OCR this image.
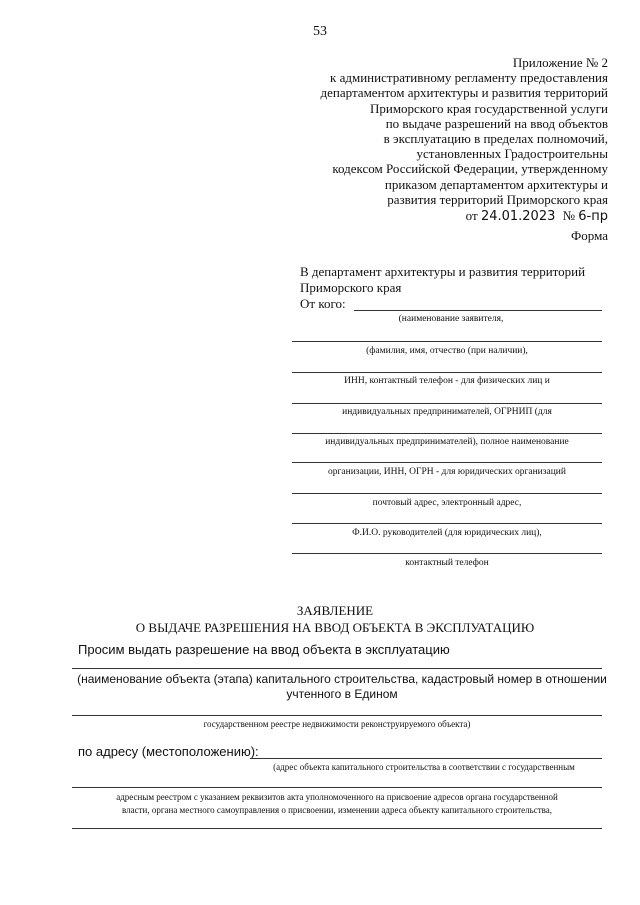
53
Приложение № 2
к административному регламенту предоставления
департаментом архитектуры и развития территорий
Приморского края государственной услуги
по выдаче разрешений на ввод объектов
в эксплуатацию в пределах полномочий,
установленных Градостроительны
кодексом Российской Федерации, утвержденному
приказом департаментом архитектуры и
развития территорий Приморского края
от 24.01.2023 № 6-пр
Форма
В департамент архитектуры и развития территорий
Приморского края
От кого:
(наименование заявителя,
(фамилия, имя, отчество (при наличии),
ИНН, контактный телефон - для физических лиц и
индивидуальных предпринимателей, ОГРНИП (для
индивидуальных предпринимателей), полное наименование
организации, ИНН, ОГРН - для юридических организаций
почтовый адрес, электронный адрес,
Ф.И.О. руководителей (для юридических лиц),
контактный телефон
ЗАЯВЛЕНИЕ
О ВЫДАЧЕ РАЗРЕШЕНИЯ НА ВВОД ОБЪЕКТА В ЭКСПЛУАТАЦИЮ
Просим выдать разрешение на ввод объекта в эксплуатацию
(наименование объекта (этапа) капитального строительства, кадастровый номер в отношении
учтенного в Едином
государственном реестре недвижимости реконструируемого объекта)
по адресу (местоположению):
(адрес объекта капитального строительства в соответствии с государственным
адресным реестром с указанием реквизитов акта уполномоченного на присвоение адресов органа государственной
власти, органа местного самоуправления о присвоении, изменении адреса объекту капитального строительства,
